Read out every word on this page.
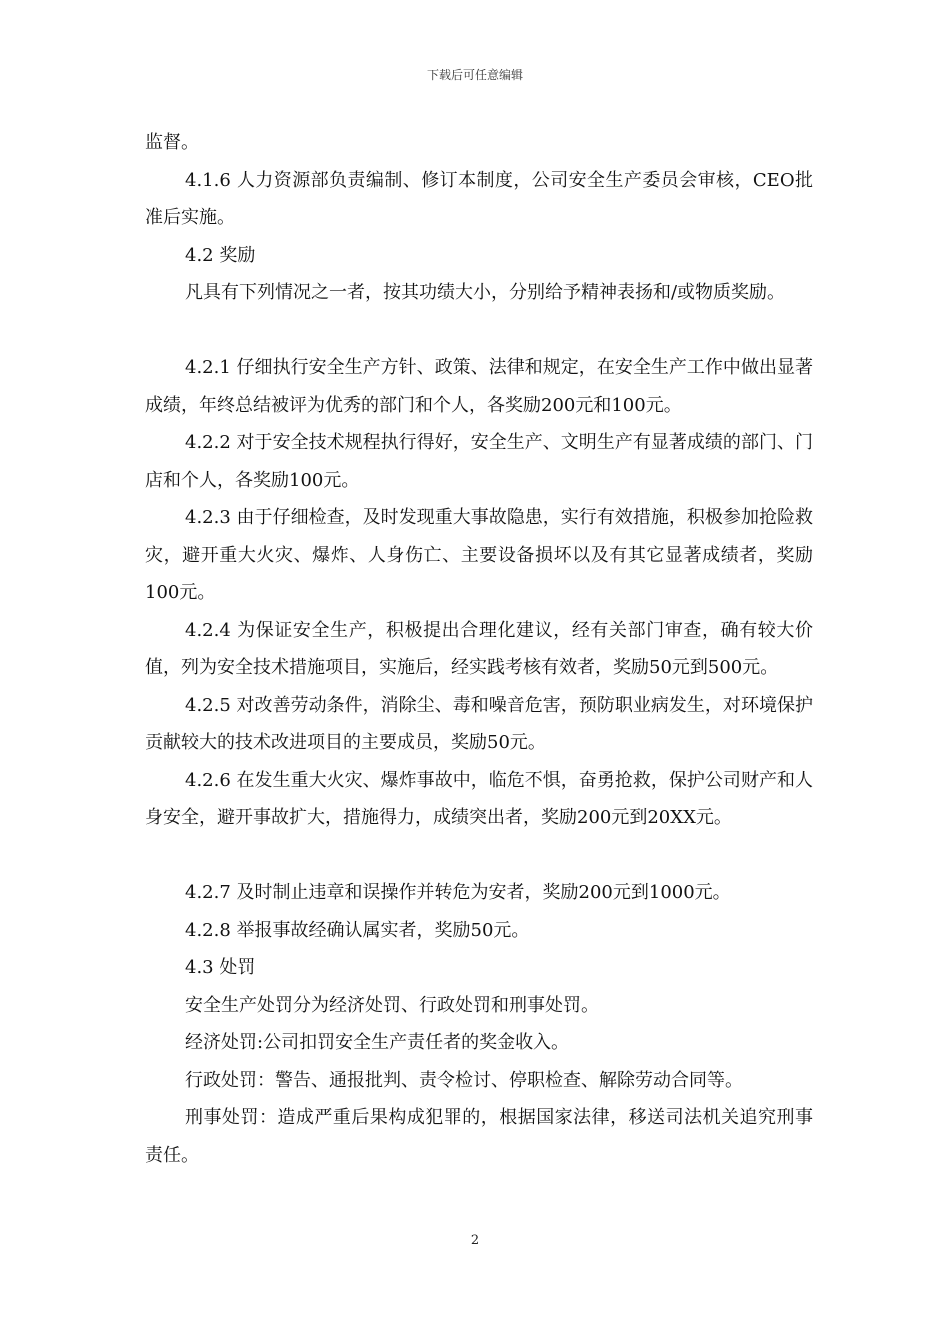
下载后可任意编辑

监督。

4.1.6 人力资源部负责编制、修订本制度，公司安全生产委员会审核，CEO批准后实施。

4.2 奖励

凡具有下列情况之一者，按其功绩大小，分别给予精神表扬和/或物质奖励。

4.2.1 仔细执行安全生产方针、政策、法律和规定，在安全生产工作中做出显著成绩，年终总结被评为优秀的部门和个人，各奖励200元和100元。

4.2.2 对于安全技术规程执行得好，安全生产、文明生产有显著成绩的部门、门店和个人，各奖励100元。

4.2.3 由于仔细检查，及时发现重大事故隐患，实行有效措施，积极参加抢险救灾，避开重大火灾、爆炸、人身伤亡、主要设备损坏以及有其它显著成绩者，奖励100元。

4.2.4 为保证安全生产，积极提出合理化建议，经有关部门审查，确有较大价值，列为安全技术措施项目，实施后，经实践考核有效者，奖励50元到500元。

4.2.5 对改善劳动条件，消除尘、毒和噪音危害，预防职业病发生，对环境保护贡献较大的技术改进项目的主要成员，奖励50元。

4.2.6 在发生重大火灾、爆炸事故中，临危不惧，奋勇抢救，保护公司财产和人身安全，避开事故扩大，措施得力，成绩突出者，奖励200元到20XX元。

4.2.7 及时制止违章和误操作并转危为安者，奖励200元到1000元。

4.2.8 举报事故经确认属实者，奖励50元。

4.3 处罚

安全生产处罚分为经济处罚、行政处罚和刑事处罚。

经济处罚:公司扣罚安全生产责任者的奖金收入。

行政处罚：警告、通报批判、责令检讨、停职检查、解除劳动合同等。

刑事处罚：造成严重后果构成犯罪的，根据国家法律，移送司法机关追究刑事责任。

2
